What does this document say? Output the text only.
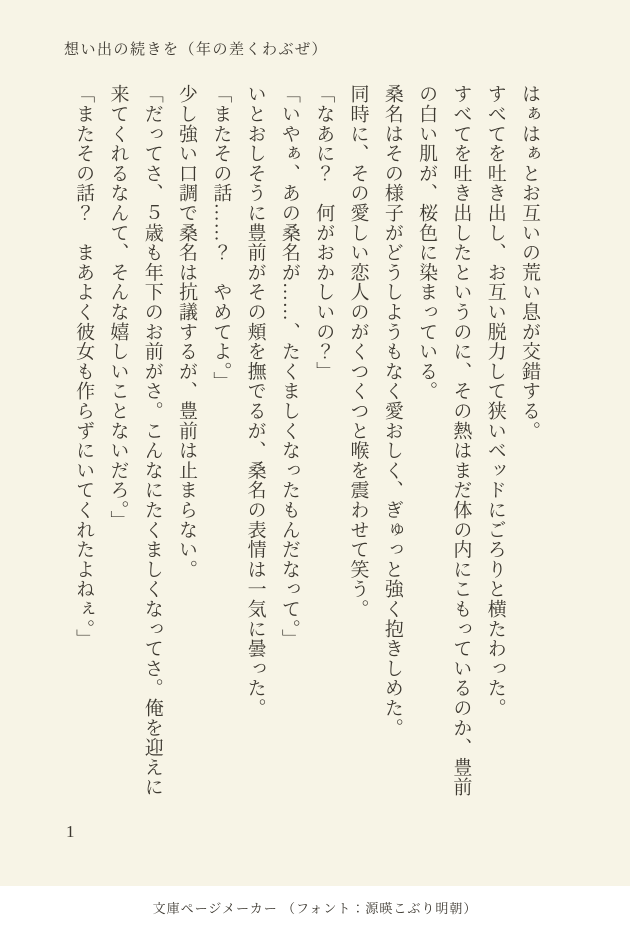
想い出の続きを（年の差くわぶぜ）

はぁはぁとお互いの荒い息が交錯する。

すべてを吐き出し、お互い脱力して狭いベッドにごろりと横たわった。

すべてを吐き出したというのに、その熱はまだ体の内にこもっているのか、豊前の白い肌が、桜色に染まっている。

桑名はその様子がどうしようもなく愛おしく、ぎゅっと強く抱きしめた。

同時に、その愛しい恋人のがくつくつと喉を震わせて笑う。

「なあに？　何がおかしいの？」

「いやぁ、あの桑名が……、たくましくなったもんだなって。」

いとおしそうに豊前がその頬を撫でるが、桑名の表情は一気に曇った。

「またその話……？　やめてよ。」

少し強い口調で桑名は抗議するが、豊前は止まらない。

「だってさ、５歳も年下のお前がさ。こんなにたくましくなってさ。俺を迎えに来てくれるなんて、そんな嬉しいことないだろ。」

「またその話？　まあよく彼女も作らずにいてくれたよねぇ。」

1
文庫ページメーカー （フォント：源暎こぶり明朝）
